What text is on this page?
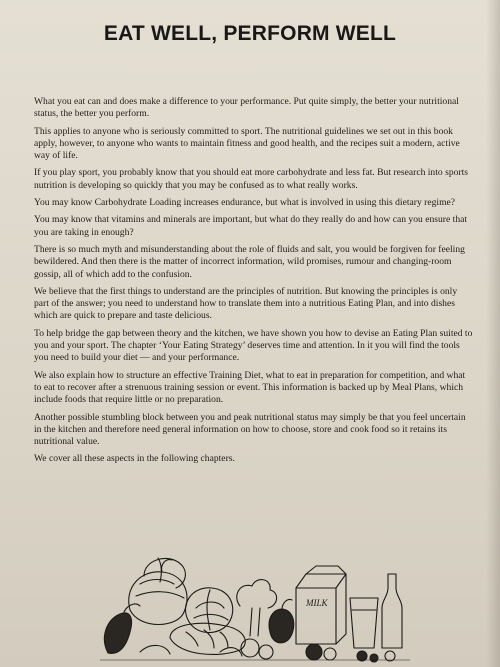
EAT WELL, PERFORM WELL

What you eat can and does make a difference to your performance. Put quite simply, the better your nutritional status, the better you perform.

This applies to anyone who is seriously committed to sport. The nutritional guidelines we set out in this book apply, however, to anyone who wants to maintain fitness and good health, and the recipes suit a modern, active way of life.

If you play sport, you probably know that you should eat more carbohydrate and less fat. But research into sports nutrition is developing so quickly that you may be confused as to what really works.

You may know Carbohydrate Loading increases endurance, but what is involved in using this dietary regime?

You may know that vitamins and minerals are important, but what do they really do and how can you ensure that you are taking in enough?

There is so much myth and misunderstanding about the role of fluids and salt, you would be forgiven for feeling bewildered. And then there is the matter of incorrect information, wild promises, rumour and changing-room gossip, all of which add to the confusion.

We believe that the first things to understand are the principles of nutrition. But knowing the principles is only part of the answer; you need to understand how to translate them into a nutritious Eating Plan, and into dishes which are quick to prepare and taste delicious.

To help bridge the gap between theory and the kitchen, we have shown you how to devise an Eating Plan suited to you and your sport. The chapter ‘Your Eating Strategy’ deserves time and attention. In it you will find the tools you need to build your diet — and your performance.

We also explain how to structure an effective Training Diet, what to eat in preparation for competition, and what to eat to recover after a strenuous training session or event. This information is backed up by Meal Plans, which include foods that require little or no preparation.

Another possible stumbling block between you and peak nutritional status may simply be that you feel uncertain in the kitchen and therefore need general information on how to choose, store and cook food so it retains its nutritional value.

We cover all these aspects in the following chapters.

MILK
